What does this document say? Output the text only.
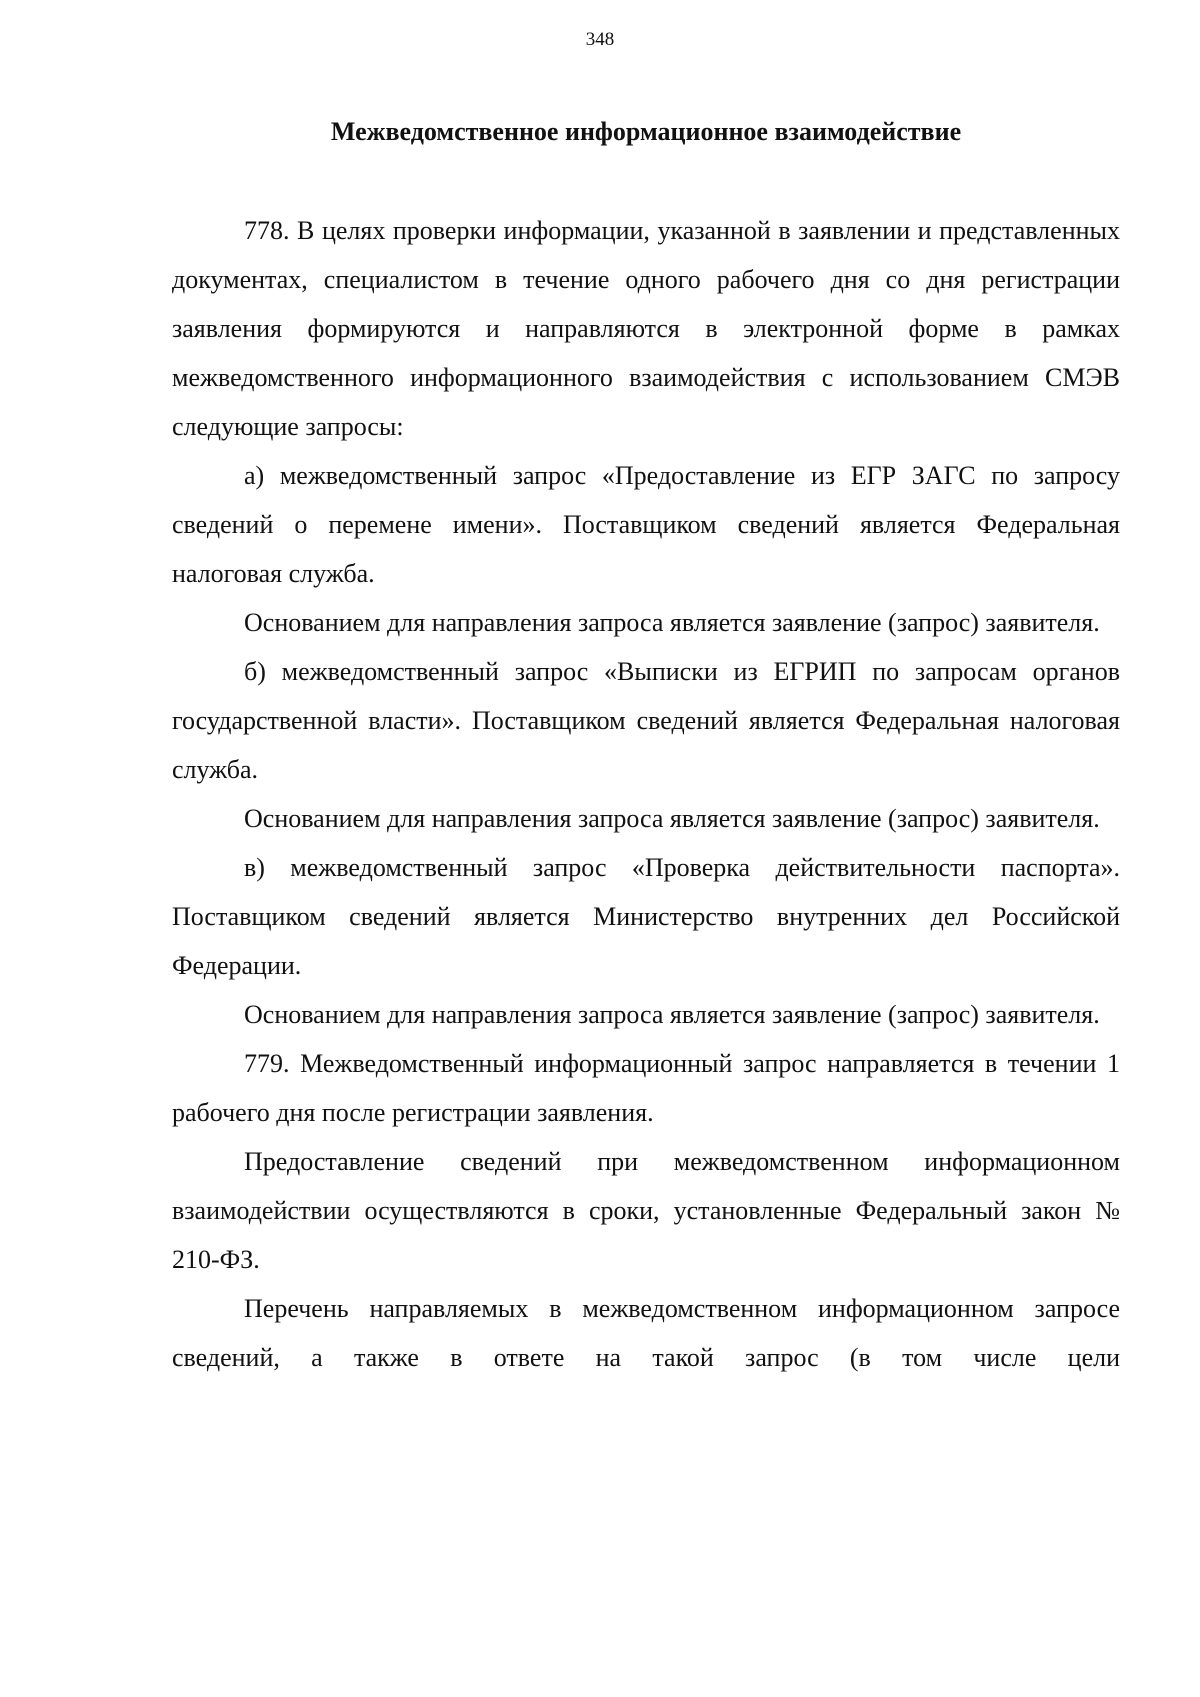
348
Межведомственное информационное взаимодействие

778. В целях проверки информации, указанной в заявлении и представленных документах, специалистом в течение одного рабочего дня со дня регистрации заявления формируются и направляются в электронной форме в рамках межведомственного информационного взаимодействия с использованием СМЭВ следующие запросы:

а) межведомственный запрос «Предоставление из ЕГР ЗАГС по запросу сведений о перемене имени». Поставщиком сведений является Федеральная налоговая служба.

Основанием для направления запроса является заявление (запрос) заявителя.

б) межведомственный запрос «Выписки из ЕГРИП по запросам органов государственной власти». Поставщиком сведений является Федеральная налоговая служба.

Основанием для направления запроса является заявление (запрос) заявителя.

в) межведомственный запрос «Проверка действительности паспорта». Поставщиком сведений является Министерство внутренних дел Российской Федерации.

Основанием для направления запроса является заявление (запрос) заявителя.

779. Межведомственный информационный запрос направляется в течении 1 рабочего дня после регистрации заявления.

Предоставление сведений при межведомственном информационном взаимодействии осуществляются в сроки, установленные Федеральный закон № 210-ФЗ.

Перечень направляемых в межведомственном информационном запросе сведений, а также в ответе на такой запрос (в том числе цели
